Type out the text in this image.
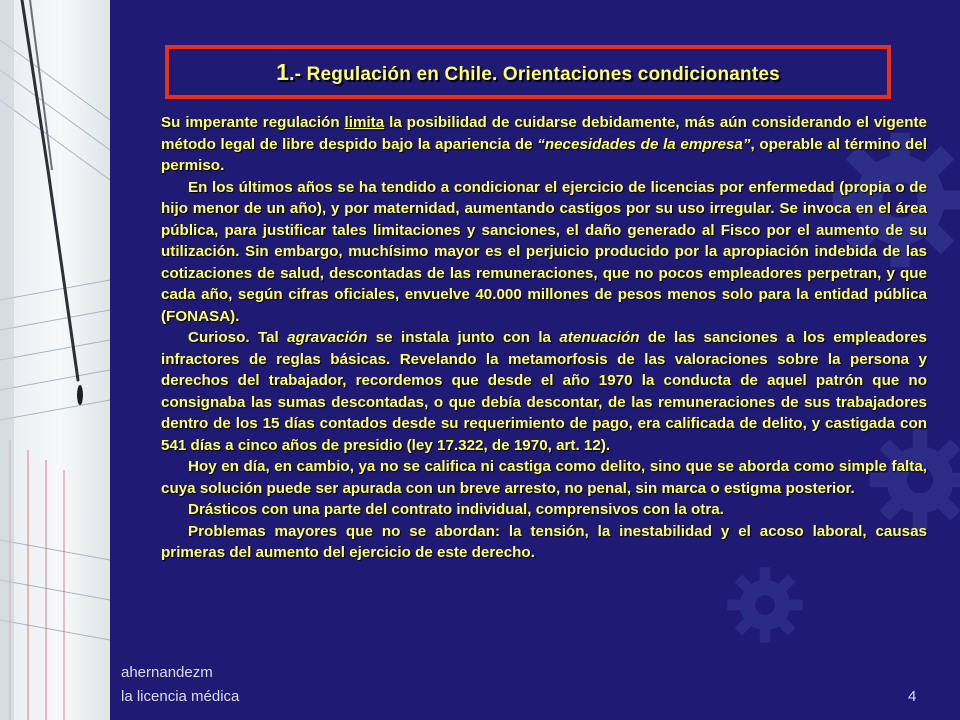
1.- Regulación en Chile. Orientaciones condicionantes

Su imperante regulación limita la posibilidad de cuidarse debidamente, más aún considerando el vigente método legal de libre despido bajo la apariencia de “necesidades de la empresa”, operable al término del permiso.

En los últimos años se ha tendido a condicionar el ejercicio de licencias por enfermedad (propia o de hijo menor de un año), y por maternidad, aumentando castigos por su uso irregular. Se invoca en el área pública, para justificar tales limitaciones y sanciones, el daño generado al Fisco por el aumento de su utilización. Sin embargo, muchísimo mayor es el perjuicio producido por la apropiación indebida de las cotizaciones de salud, descontadas de las remuneraciones, que no pocos empleadores perpetran, y que cada año, según cifras oficiales, envuelve 40.000 millones de pesos menos solo para la entidad pública (FONASA).

Curioso. Tal agravación se instala junto con la atenuación de las sanciones a los empleadores infractores de reglas básicas. Revelando la metamorfosis de las valoraciones sobre la persona y derechos del trabajador, recordemos que desde el año 1970 la conducta de aquel patrón que no consignaba las sumas descontadas, o que debía descontar, de las remuneraciones de sus trabajadores dentro de los 15 días contados desde su requerimiento de pago, era calificada de delito, y castigada con 541 días a cinco años de presidio (ley 17.322, de 1970, art. 12).

Hoy en día, en cambio, ya no se califica ni castiga como delito, sino que se aborda como simple falta, cuya solución puede ser apurada con un breve arresto, no penal, sin marca o estigma posterior.

Drásticos con una parte del contrato individual, comprensivos con la otra.

Problemas mayores que no se abordan: la tensión, la inestabilidad y el acoso laboral, causas primeras del aumento del ejercicio de este derecho.

ahernandezm
la licencia médica	4
